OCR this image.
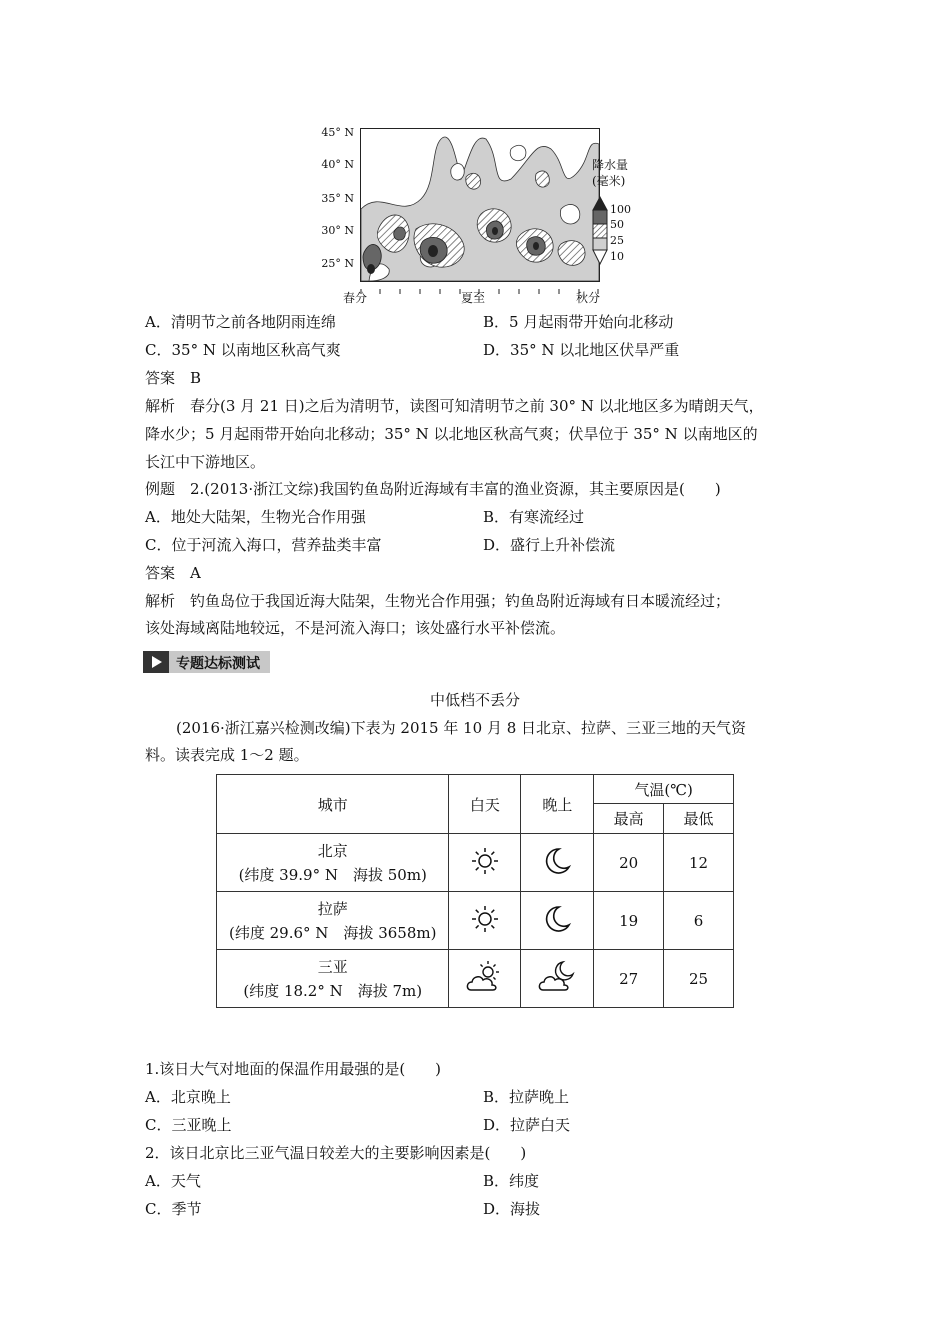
45° N
40° N
35° N
30° N
25° N
春分	夏至	秋分
降水量
(毫米)
100
50
25
10
A．清明节之前各地阴雨连绵	B．5 月起雨带开始向北移动
C．35° N 以南地区秋高气爽	D．35° N 以北地区伏旱严重
答案　B
解析　春分(3 月 21 日)之后为清明节，读图可知清明节之前 30° N 以北地区多为晴朗天气，
降水少；5 月起雨带开始向北移动；35° N 以北地区秋高气爽；伏旱位于 35° N 以南地区的
长江中下游地区。
例题　2.(2013·浙江文综)我国钓鱼岛附近海域有丰富的渔业资源，其主要原因是(　　)
A．地处大陆架，生物光合作用强	B．有寒流经过
C．位于河流入海口，营养盐类丰富	D．盛行上升补偿流
答案　A
解析　钓鱼岛位于我国近海大陆架，生物光合作用强；钓鱼岛附近海域有日本暖流经过；
该处海域离陆地较远，不是河流入海口；该处盛行水平补偿流。
专题达标测试
中低档不丢分
(2016·浙江嘉兴检测改编)下表为 2015 年 10 月 8 日北京、拉萨、三亚三地的天气资
料。读表完成 1～2 题。
城市	白天	晚上	气温(℃)	
			最高	最低

北京
(纬度 39.9° N　海拔 50m)			20	12

拉萨
(纬度 29.6° N　海拔 3658m)			19	6

三亚
(纬度 18.2° N　海拔 7m)			27	25
1.该日大气对地面的保温作用最强的是(　　)
A．北京晚上	B．拉萨晚上
C．三亚晚上	D．拉萨白天
2．该日北京比三亚气温日较差大的主要影响因素是(　　)
A．天气	B．纬度
C．季节	D．海拔
